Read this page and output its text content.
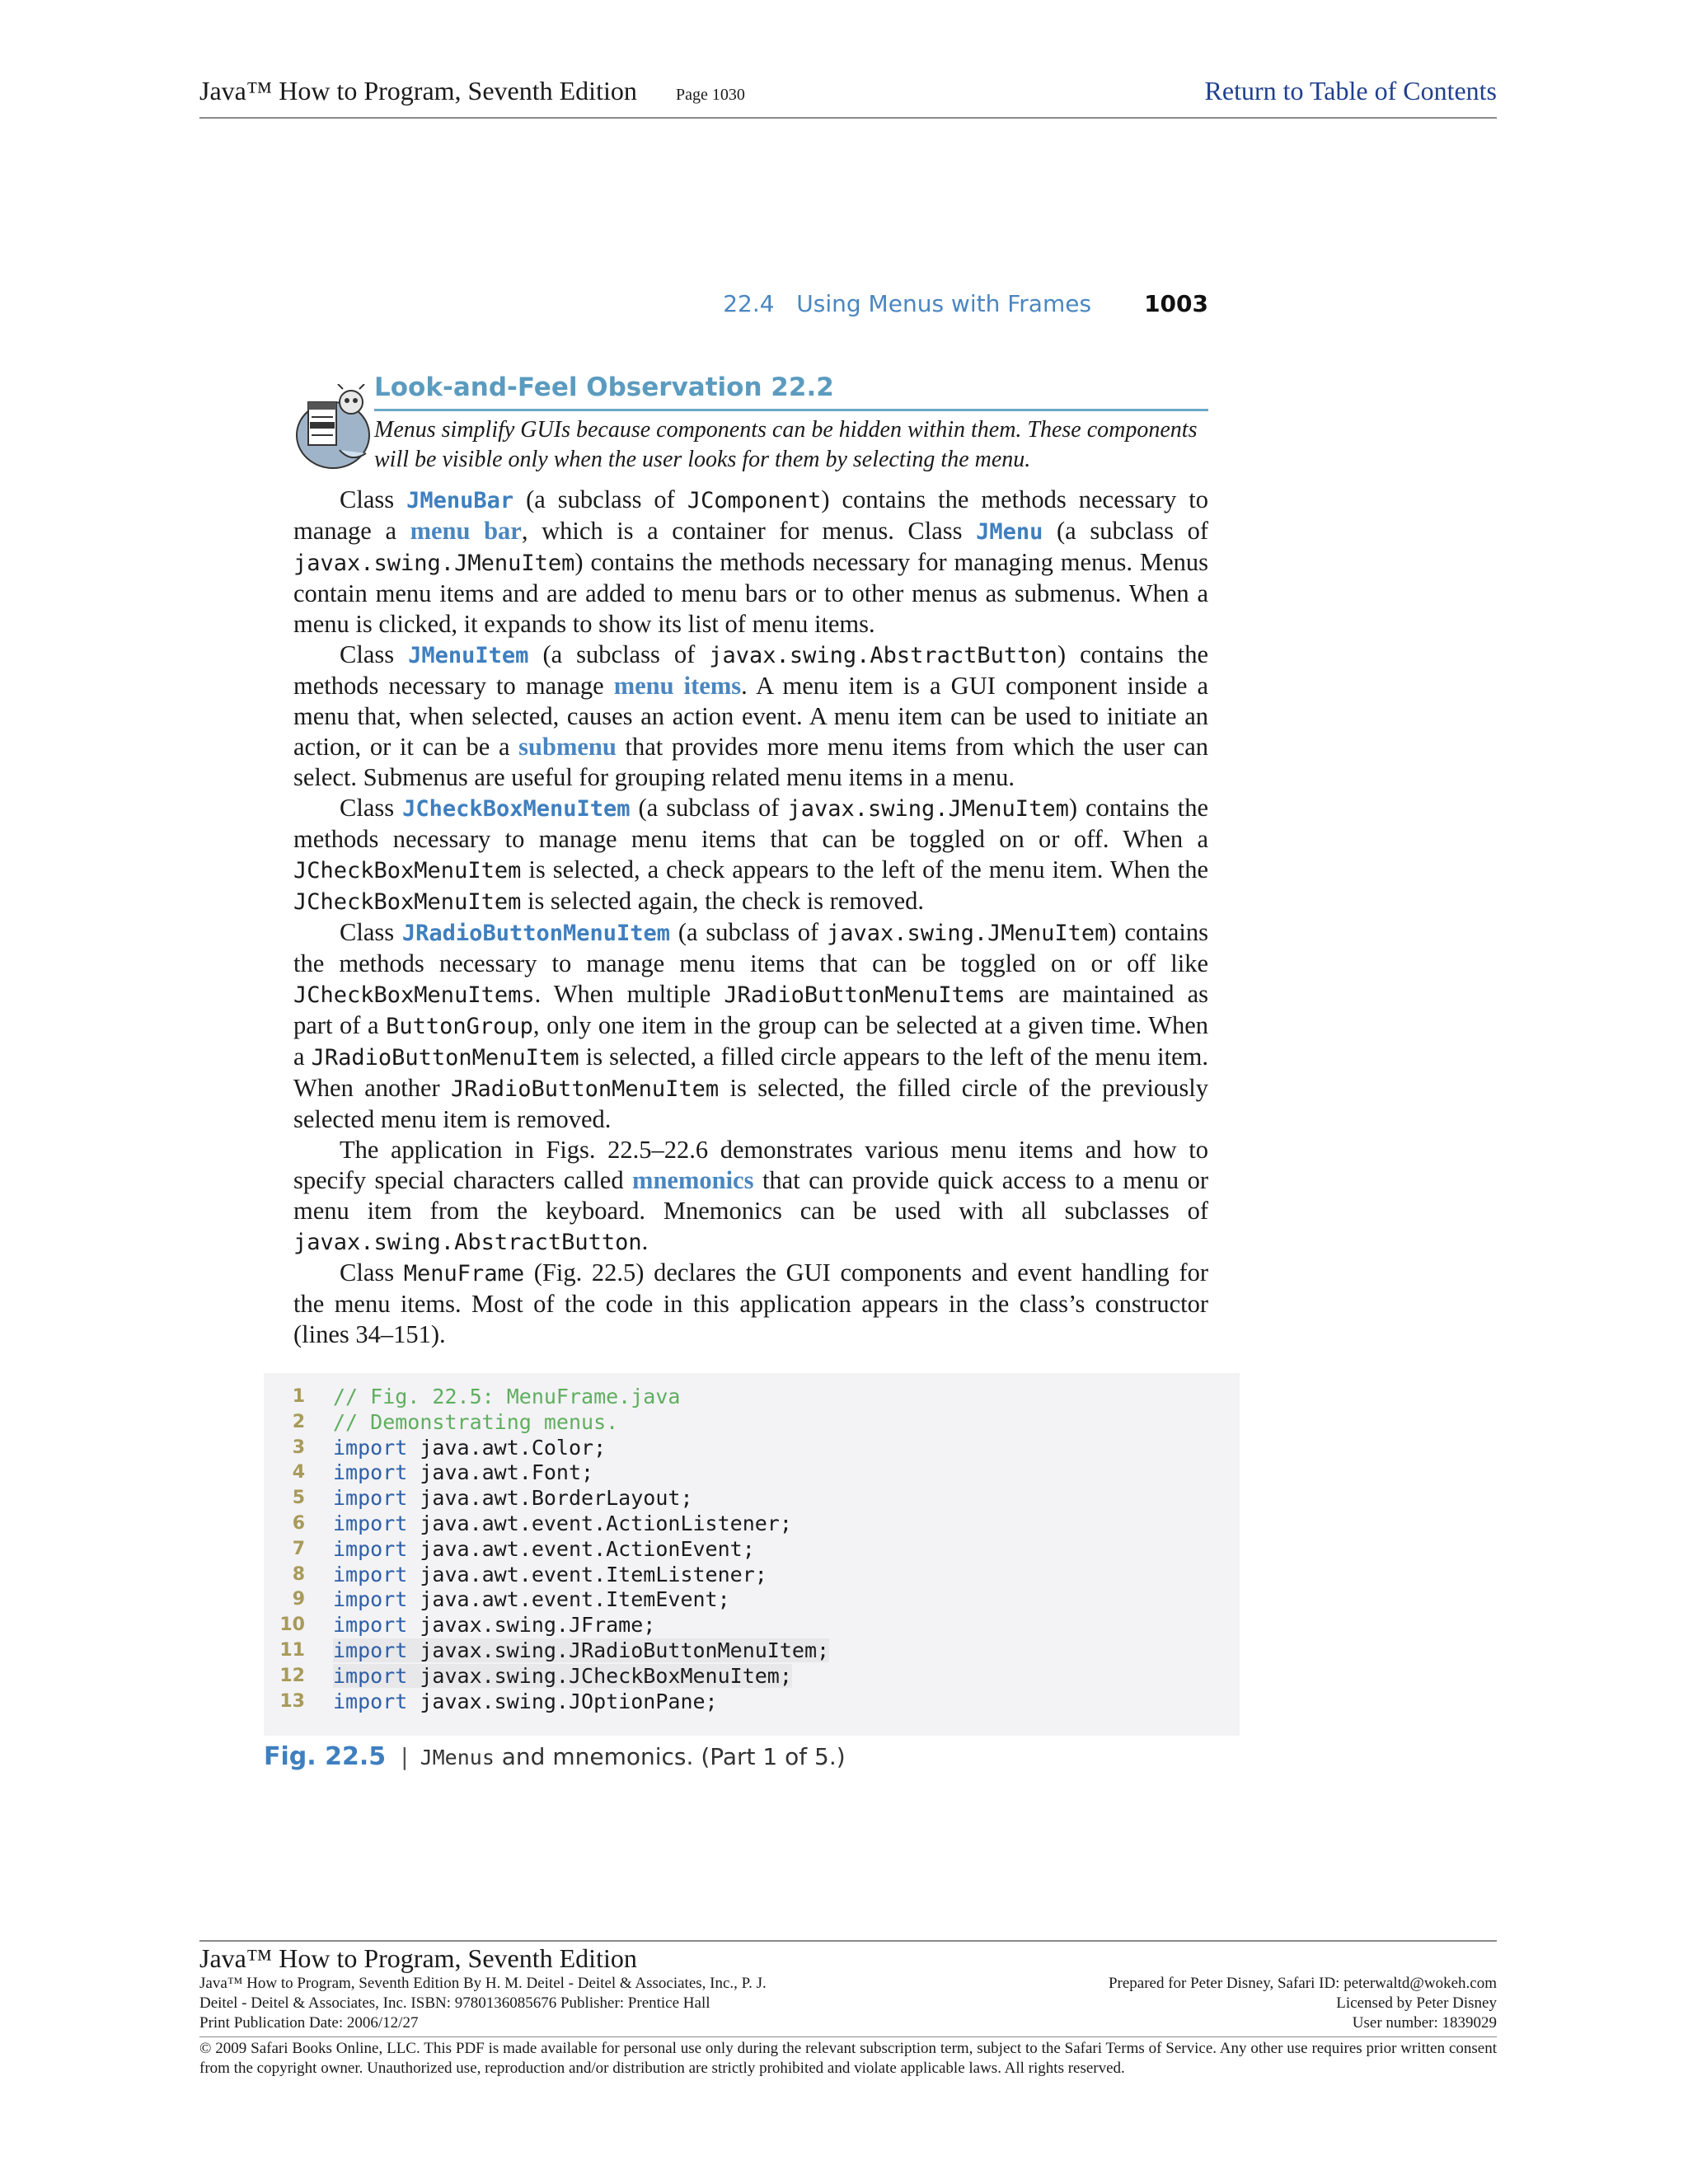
Java™ How to Program, Seventh Edition Page 1030	Return to Table of Contents
22.4   Using Menus with Frames 1003
Look-and-Feel Observation 22.2
Menus simplify GUIs because components can be hidden within them. These components will be visible only when the user looks for them by selecting the menu.

Class JMenuBar (a subclass of JComponent) contains the methods necessary to manage a menu bar, which is a container for menus. Class JMenu (a subclass of javax.swing.JMenuItem) contains the methods necessary for managing menus. Menus contain menu items and are added to menu bars or to other menus as submenus. When a menu is clicked, it expands to show its list of menu items.

Class JMenuItem (a subclass of javax.swing.AbstractButton) contains the methods necessary to manage menu items. A menu item is a GUI component inside a menu that, when selected, causes an action event. A menu item can be used to initiate an action, or it can be a submenu that provides more menu items from which the user can select. Submenus are useful for grouping related menu items in a menu.

Class JCheckBoxMenuItem (a subclass of javax.swing.JMenuItem) contains the methods necessary to manage menu items that can be toggled on or off. When a JCheckBoxMenuItem is selected, a check appears to the left of the menu item. When the JCheckBoxMenuItem is selected again, the check is removed.

Class JRadioButtonMenuItem (a subclass of javax.swing.JMenuItem) contains the methods necessary to manage menu items that can be toggled on or off like JCheckBoxMenuItems. When multiple JRadioButtonMenuItems are maintained as part of a ButtonGroup, only one item in the group can be selected at a given time. When a JRadioButtonMenuItem is selected, a filled circle appears to the left of the menu item. When another JRadioButtonMenuItem is selected, the filled circle of the previously selected menu item is removed.

The application in Figs. 22.5–22.6 demonstrates various menu items and how to specify special characters called mnemonics that can provide quick access to a menu or menu item from the keyboard. Mnemonics can be used with all subclasses of javax.swing.AbstractButton.

Class MenuFrame (Fig. 22.5) declares the GUI components and event handling for the menu items. Most of the code in this application appears in the class’s constructor (lines 34–151).

1 // Fig. 22.5: MenuFrame.java
2 // Demonstrating menus.
3 import java.awt.Color;
4 import java.awt.Font;
5 import java.awt.BorderLayout;
6 import java.awt.event.ActionListener;
7 import java.awt.event.ActionEvent;
8 import java.awt.event.ItemListener;
9 import java.awt.event.ItemEvent;
10 import javax.swing.JFrame;
11 import javax.swing.JRadioButtonMenuItem;
12 import javax.swing.JCheckBoxMenuItem;
13 import javax.swing.JOptionPane;
Fig. 22.5 | JMenus and mnemonics. (Part 1 of 5.)
Java™ How to Program, Seventh Edition
Java™ How to Program, Seventh Edition By H. M. Deitel - Deitel & Associates, Inc., P. J.
Deitel - Deitel & Associates, Inc. ISBN: 9780136085676 Publisher: Prentice Hall
Print Publication Date: 2006/12/27
Prepared for Peter Disney, Safari ID: peterwaltd@wokeh.com
Licensed by Peter Disney
User number: 1839029
© 2009 Safari Books Online, LLC. This PDF is made available for personal use only during the relevant subscription term, subject to the Safari Terms of Service. Any other use requires prior written consent from the copyright owner. Unauthorized use, reproduction and/or distribution are strictly prohibited and violate applicable laws. All rights reserved.
